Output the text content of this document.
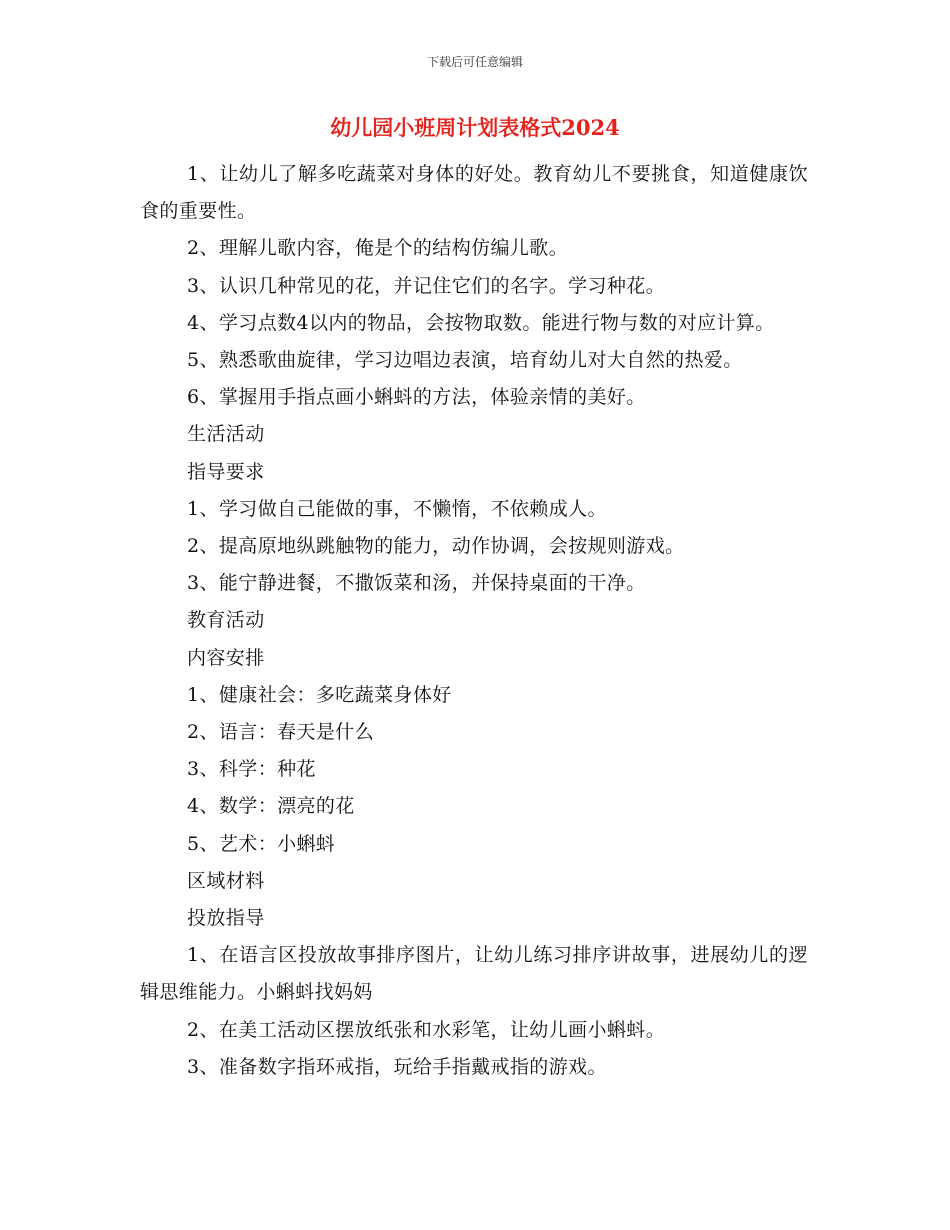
下载后可任意编辑
幼儿园小班周计划表格式2024

1、让幼儿了解多吃蔬菜对身体的好处。教育幼儿不要挑食，知道健康饮食的重要性。

2、理解儿歌内容，俺是个的结构仿编儿歌。

3、认识几种常见的花，并记住它们的名字。学习种花。

4、学习点数4以内的物品，会按物取数。能进行物与数的对应计算。

5、熟悉歌曲旋律，学习边唱边表演，培育幼儿对大自然的热爱。

6、掌握用手指点画小蝌蚪的方法，体验亲情的美好。

生活活动

指导要求

1、学习做自己能做的事，不懒惰，不依赖成人。

2、提高原地纵跳触物的能力，动作协调，会按规则游戏。

3、能宁静进餐，不撒饭菜和汤，并保持桌面的干净。

教育活动

内容安排

1、健康社会：多吃蔬菜身体好

2、语言：春天是什么

3、科学：种花

4、数学：漂亮的花

5、艺术：小蝌蚪

区域材料

投放指导

1、在语言区投放故事排序图片，让幼儿练习排序讲故事，进展幼儿的逻辑思维能力。小蝌蚪找妈妈

2、在美工活动区摆放纸张和水彩笔，让幼儿画小蝌蚪。

3、准备数字指环戒指，玩给手指戴戒指的游戏。
